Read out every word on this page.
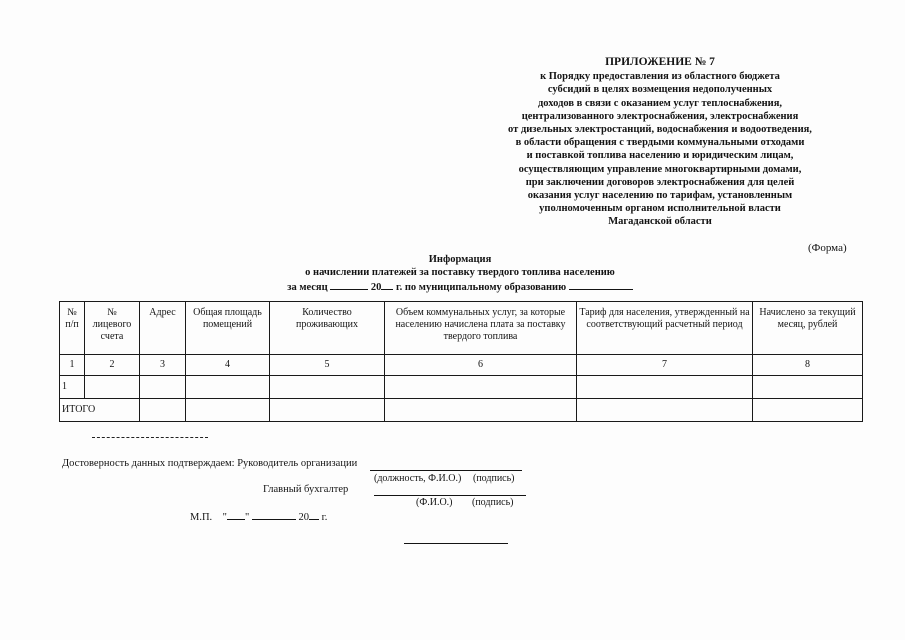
ПРИЛОЖЕНИЕ № 7
к Порядку предоставления из областного бюджета
субсидий в целях возмещения недополученных
доходов в связи с оказанием услуг теплоснабжения,
централизованного электроснабжения, электроснабжения
от дизельных электростанций, водоснабжения и водоотведения,
в области обращения с твердыми коммунальными отходами
и поставкой топлива населению и юридическим лицам,
осуществляющим управление многоквартирными домами,
при заключении договоров электроснабжения для целей
оказания услуг населению по тарифам, установленным
уполномоченным органом исполнительной власти
Магаданской области
(Форма)
Информация
о начислении платежей за поставку твердого топлива населению
за месяц	20 г. по муниципальному образованию
№ п/п	№ лицевого счета	Адрес	Общая площадь помещений	Количество проживающих	Объем коммунальных услуг, за которые населению начислена плата за поставку твердого топлива	Тариф для населения, утвержденный на соответствующий расчетный период	Начислено за текущий месяц, рублей
1	2	3	4	5	6	7	8
1							
ИТОГО							
Достоверность данных подтверждаем: Руководитель организации
(должность, Ф.И.О.) (подпись)
Главный бухгалтер
(Ф.И.О.) (подпись)
М.П. " "	20 г.
